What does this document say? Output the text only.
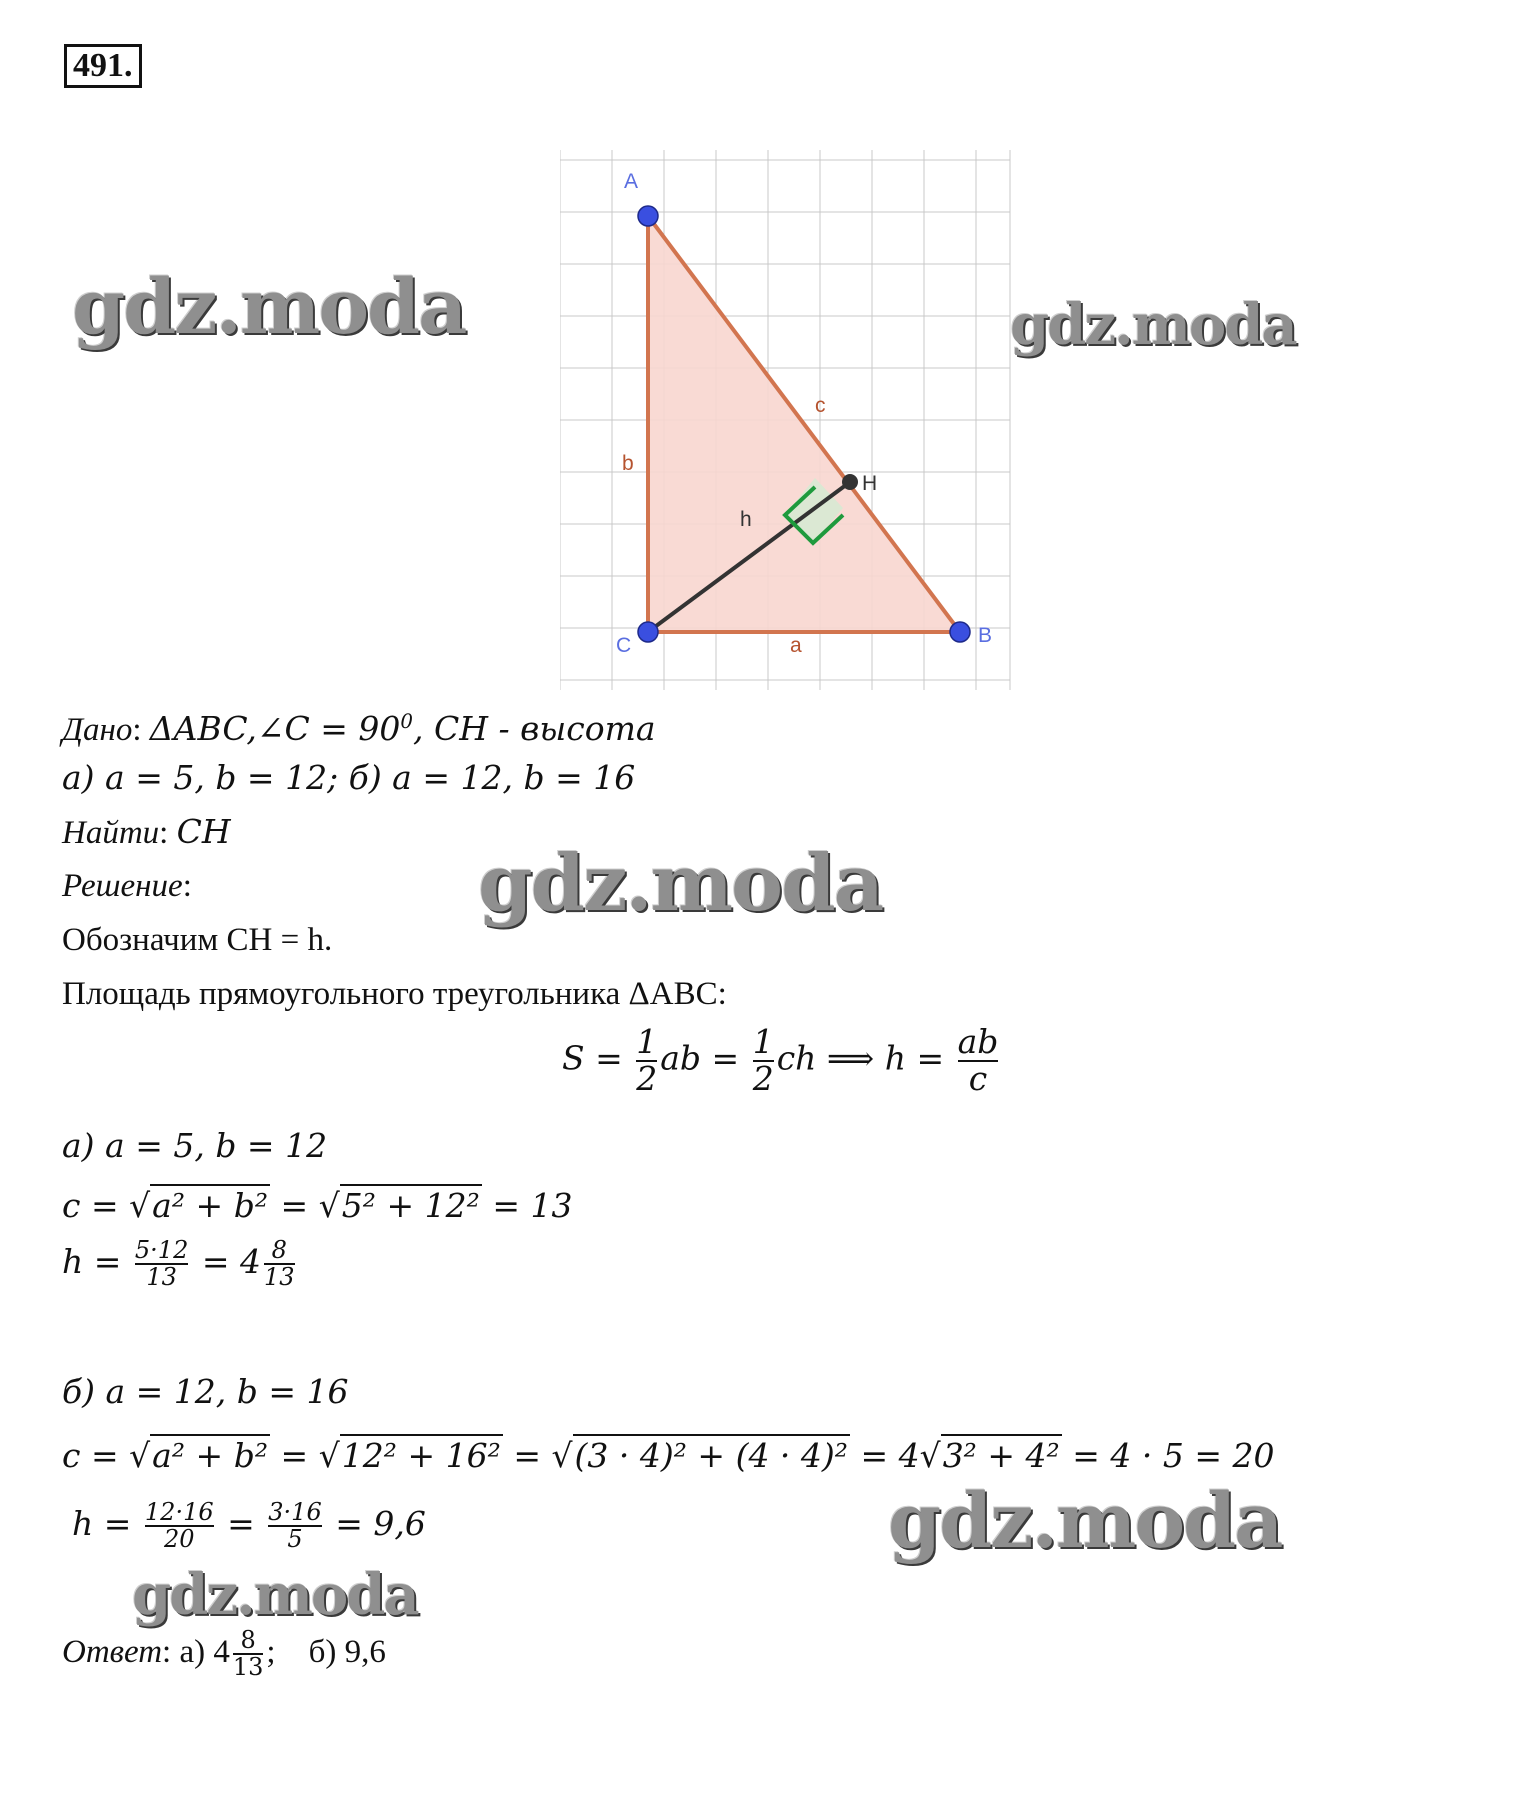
491.
A
C	B
H
a
b
c
h
gdz.moda	gdz.moda
gdz.moda
gdz.moda
gdz.moda
Дано: ΔABC,∠C = $90^0$, CH - высота
а) a = 5, b = 12; б) a = 12, b = 16
Найти: CH
Решение:
Обозначим CH = h.
Площадь прямоугольного треугольника ΔABC:
$S = \frac{1}{2}$ ab = $\frac{1}{2}$ ch ⟹ $h = \frac{ab}{c}$
а) a = 5, b = 12
c = √a² + b² = √5² + 12² = 13
$h = \frac{5\cdot 12}{13} = 4 \frac{8}{13}$
б) a = 12, b = 16
c = √a² + b² = √12² + 16² = √(3 · 4)² + (4 · 4)² = 4√3² + 4² = 4 · 5 = 20
$h = \frac{12\cdot 16}{20} = \frac{3\cdot 16}{5} = 9,6$
Ответ: а) $4 \frac{8}{13}$ ; б) 9,6
